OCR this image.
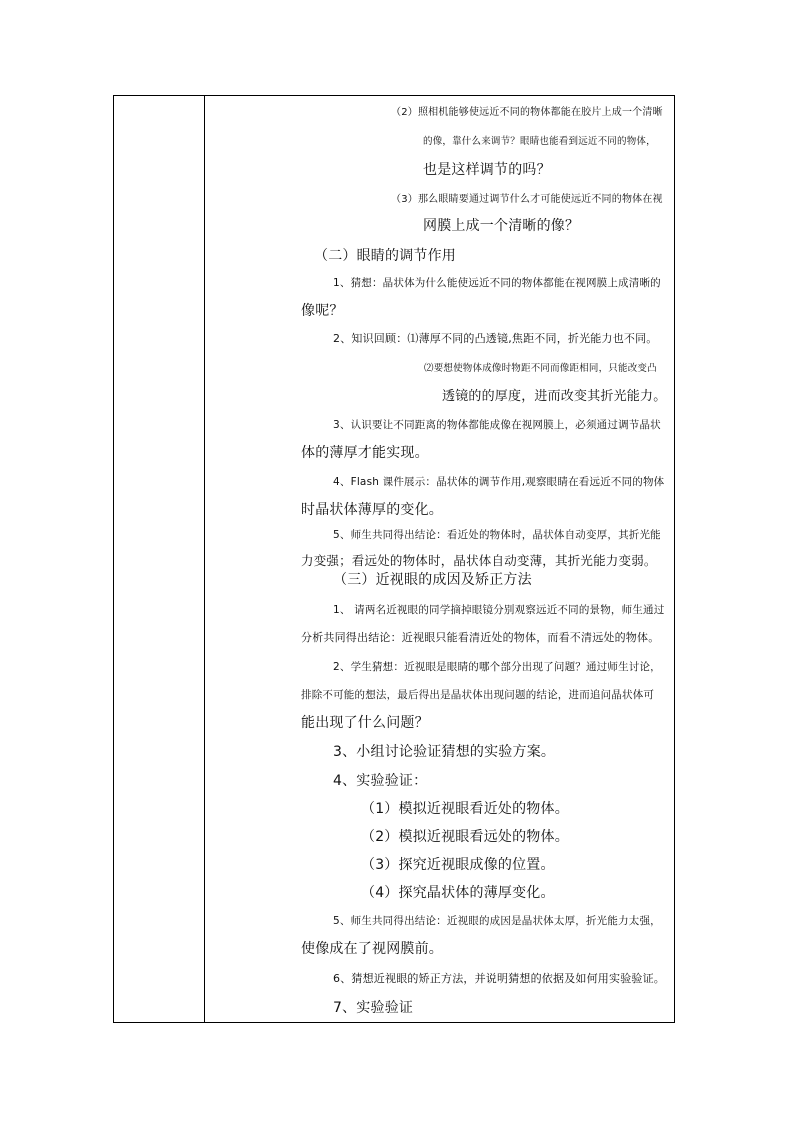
（2）照相机能够使远近不同的物体都能在胶片上成一个清晰
的像，靠什么来调节？眼睛也能看到远近不同的物体，
也是这样调节的吗？
（3）那么眼睛要通过调节什么才可能使远近不同的物体在视
网膜上成一个清晰的像？
（二）眼睛的调节作用
1、猜想：晶状体为什么能使远近不同的物体都能在视网膜上成清晰的
像呢？
2、知识回顾：⑴薄厚不同的凸透镜,焦距不同，折光能力也不同。
⑵要想使物体成像时物距不同而像距相同，只能改变凸
透镜的的厚度，进而改变其折光能力。
3、认识要让不同距离的物体都能成像在视网膜上，必须通过调节晶状
体的薄厚才能实现。
4、Flash 课件展示：晶状体的调节作用,观察眼睛在看远近不同的物体
时晶状体薄厚的变化。
5、师生共同得出结论：看近处的物体时，晶状体自动变厚，其折光能
力变强；看远处的物体时，晶状体自动变薄，其折光能力变弱。
（三）近视眼的成因及矫正方法
1、 请两名近视眼的同学摘掉眼镜分别观察远近不同的景物，师生通过
分析共同得出结论：近视眼只能看清近处的物体，而看不清远处的物体。
2、学生猜想：近视眼是眼睛的哪个部分出现了问题？通过师生讨论，
排除不可能的想法，最后得出是晶状体出现问题的结论，进而追问晶状体可
能出现了什么问题？
3、小组讨论验证猜想的实验方案。
4、实验验证：
（1）模拟近视眼看近处的物体。
（2）模拟近视眼看远处的物体。
（3）探究近视眼成像的位置。
（4）探究晶状体的薄厚变化。
5、师生共同得出结论：近视眼的成因是晶状体太厚，折光能力太强，
使像成在了视网膜前。
6、猜想近视眼的矫正方法，并说明猜想的依据及如何用实验验证。
7、实验验证
